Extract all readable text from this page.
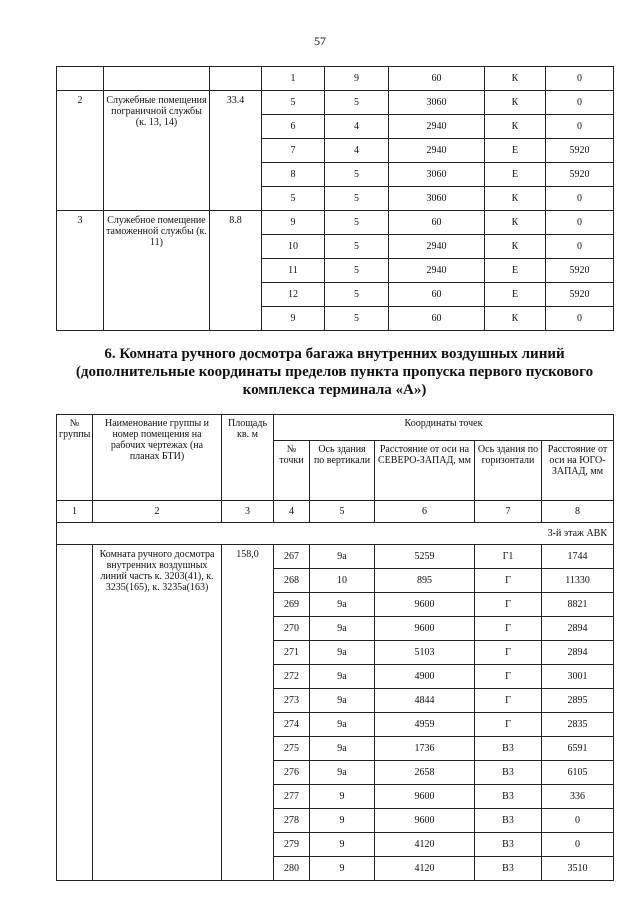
57
			1	9	60	К	0
2	Служебные помещения пограничной службы (к. 13, 14)	33.4	5	5	3060	К	0
			6	4	2940	К	0
			7	4	2940	Е	5920
			8	5	3060	Е	5920
			5	5	3060	К	0
3	Служебное помещение таможенной службы (к. 11)	8.8	9	5	60	К	0
			10	5	2940	К	0
			11	5	2940	Е	5920
			12	5	60	Е	5920
			9	5	60	К	0
6. Комната ручного досмотра багажа внутренних воздушных линий (дополнительные координаты пределов пункта пропуска первого пускового комплекса терминала «А»)
№ группы	Наименование группы и номер помещения на рабочих чертежах (на планах БТИ)	Площадь кв. м	Координаты точек				
			№ точки	Ось здания по вертикали	Расстояние от оси на СЕВЕРО-ЗАПАД, мм	Ось здания по горизонтали	Расстояние от оси на ЮГО-ЗАПАД, мм
1	2	3	4	5	6	7	8
3-й этаж АВК							
	Комната ручного досмотра внутренних воздушных линий часть к. 3203(41), к. 3235(165), к. 3235а(163)	158,0	267	9а	5259	Г1	1744
			268	10	895	Г	11330
			269	9а	9600	Г	8821
			270	9а	9600	Г	2894
			271	9а	5103	Г	2894
			272	9а	4900	Г	3001
			273	9а	4844	Г	2895
			274	9а	4959	Г	2835
			275	9а	1736	В3	6591
			276	9а	2658	В3	6105
			277	9	9600	В3	336
			278	9	9600	В3	0
			279	9	4120	В3	0
			280	9	4120	В3	3510
